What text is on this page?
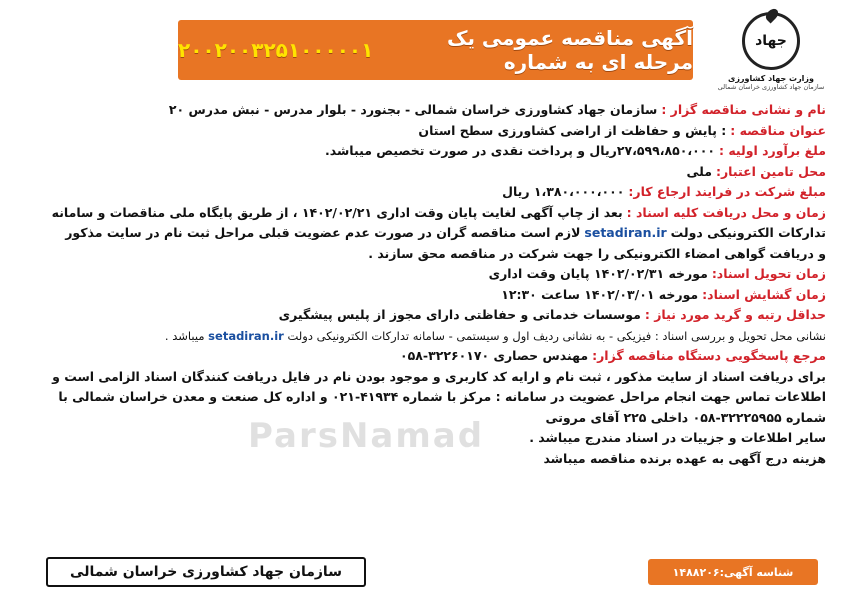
آگهی مناقصه عمومی یک مرحله ای به شماره
۲۰۰۲۰۰۳۲۵۱۰۰۰۰۰۱	جهاد
وزارت جهاد کشاورزی
سازمان جهاد کشاورزی خراسان شمالی
ParsNamad

نام و نشانی مناقصه گزار : سازمان جهاد کشاورزی خراسان شمالی - بجنورد - بلوار مدرس - نبش مدرس ۲۰

عنوان مناقصه : : پایش و حفاظت از اراضی کشاورزی سطح استان

ملغ برآورد اولیه : ۲۷،۵۹۹،۸۵۰،۰۰۰ریال و پرداخت نقدی در صورت تخصیص میباشد.

محل تامین اعتبار: ملی

مبلغ شرکت در فرایند ارجاع کار: ۱،۳۸۰،۰۰۰،۰۰۰ ریال

زمان و محل دریافت کلیه اسناد : بعد از چاپ آگهی لغایت پایان وقت اداری ۱۴۰۲/۰۲/۲۱ ، از طریق پایگاه ملی مناقصات و سامانه

تدارکات الکترونیکی دولت setadiran.ir لازم است مناقصه گران در صورت عدم عضویت قبلی مراحل ثبت نام در سایت مذکور

و دریافت گواهی امضاء الکترونیکی را جهت شرکت در مناقصه محق سازند .

زمان تحویل اسناد: مورخه ۱۴۰۲/۰۲/۳۱ پایان وقت اداری

زمان گشایش اسناد: مورخه ۱۴۰۲/۰۳/۰۱ ساعت ۱۲:۳۰

حداقل رتبه و گرید مورد نیاز : موسسات خدماتی و حفاظتی دارای مجوز از پلیس پیشگیری

نشانی محل تحویل و بررسی اسناد : فیزیکی - به نشانی ردیف اول و سیستمی - سامانه تدارکات الکترونیکی دولت setadiran.ir میباشد .

مرجع پاسخگویی دستگاه مناقصه گزار: مهندس حصاری ۳۲۲۶۰۱۷۰-۰۵۸

برای دریافت اسناد از سایت مذکور ، ثبت نام و ارایه کد کاربری و موجود بودن نام در فایل دریافت کنندگان اسناد الزامی است و

اطلاعات تماس جهت انجام مراحل عضویت در سامانه : مرکز با شماره ۴۱۹۳۴-۰۲۱ و اداره کل صنعت و معدن خراسان شمالی با

شماره ۳۲۲۲۵۹۵۵-۰۵۸ داخلی ۲۲۵ آقای مروتی

سایر اطلاعات و جزییات در اسناد مندرج میباشد .

هزینه درج آگهی به عهده برنده مناقصه میباشد

سازمان جهاد کشاورزی خراسان شمالی	شناسه آگهی:۱۴۸۸۲۰۶
